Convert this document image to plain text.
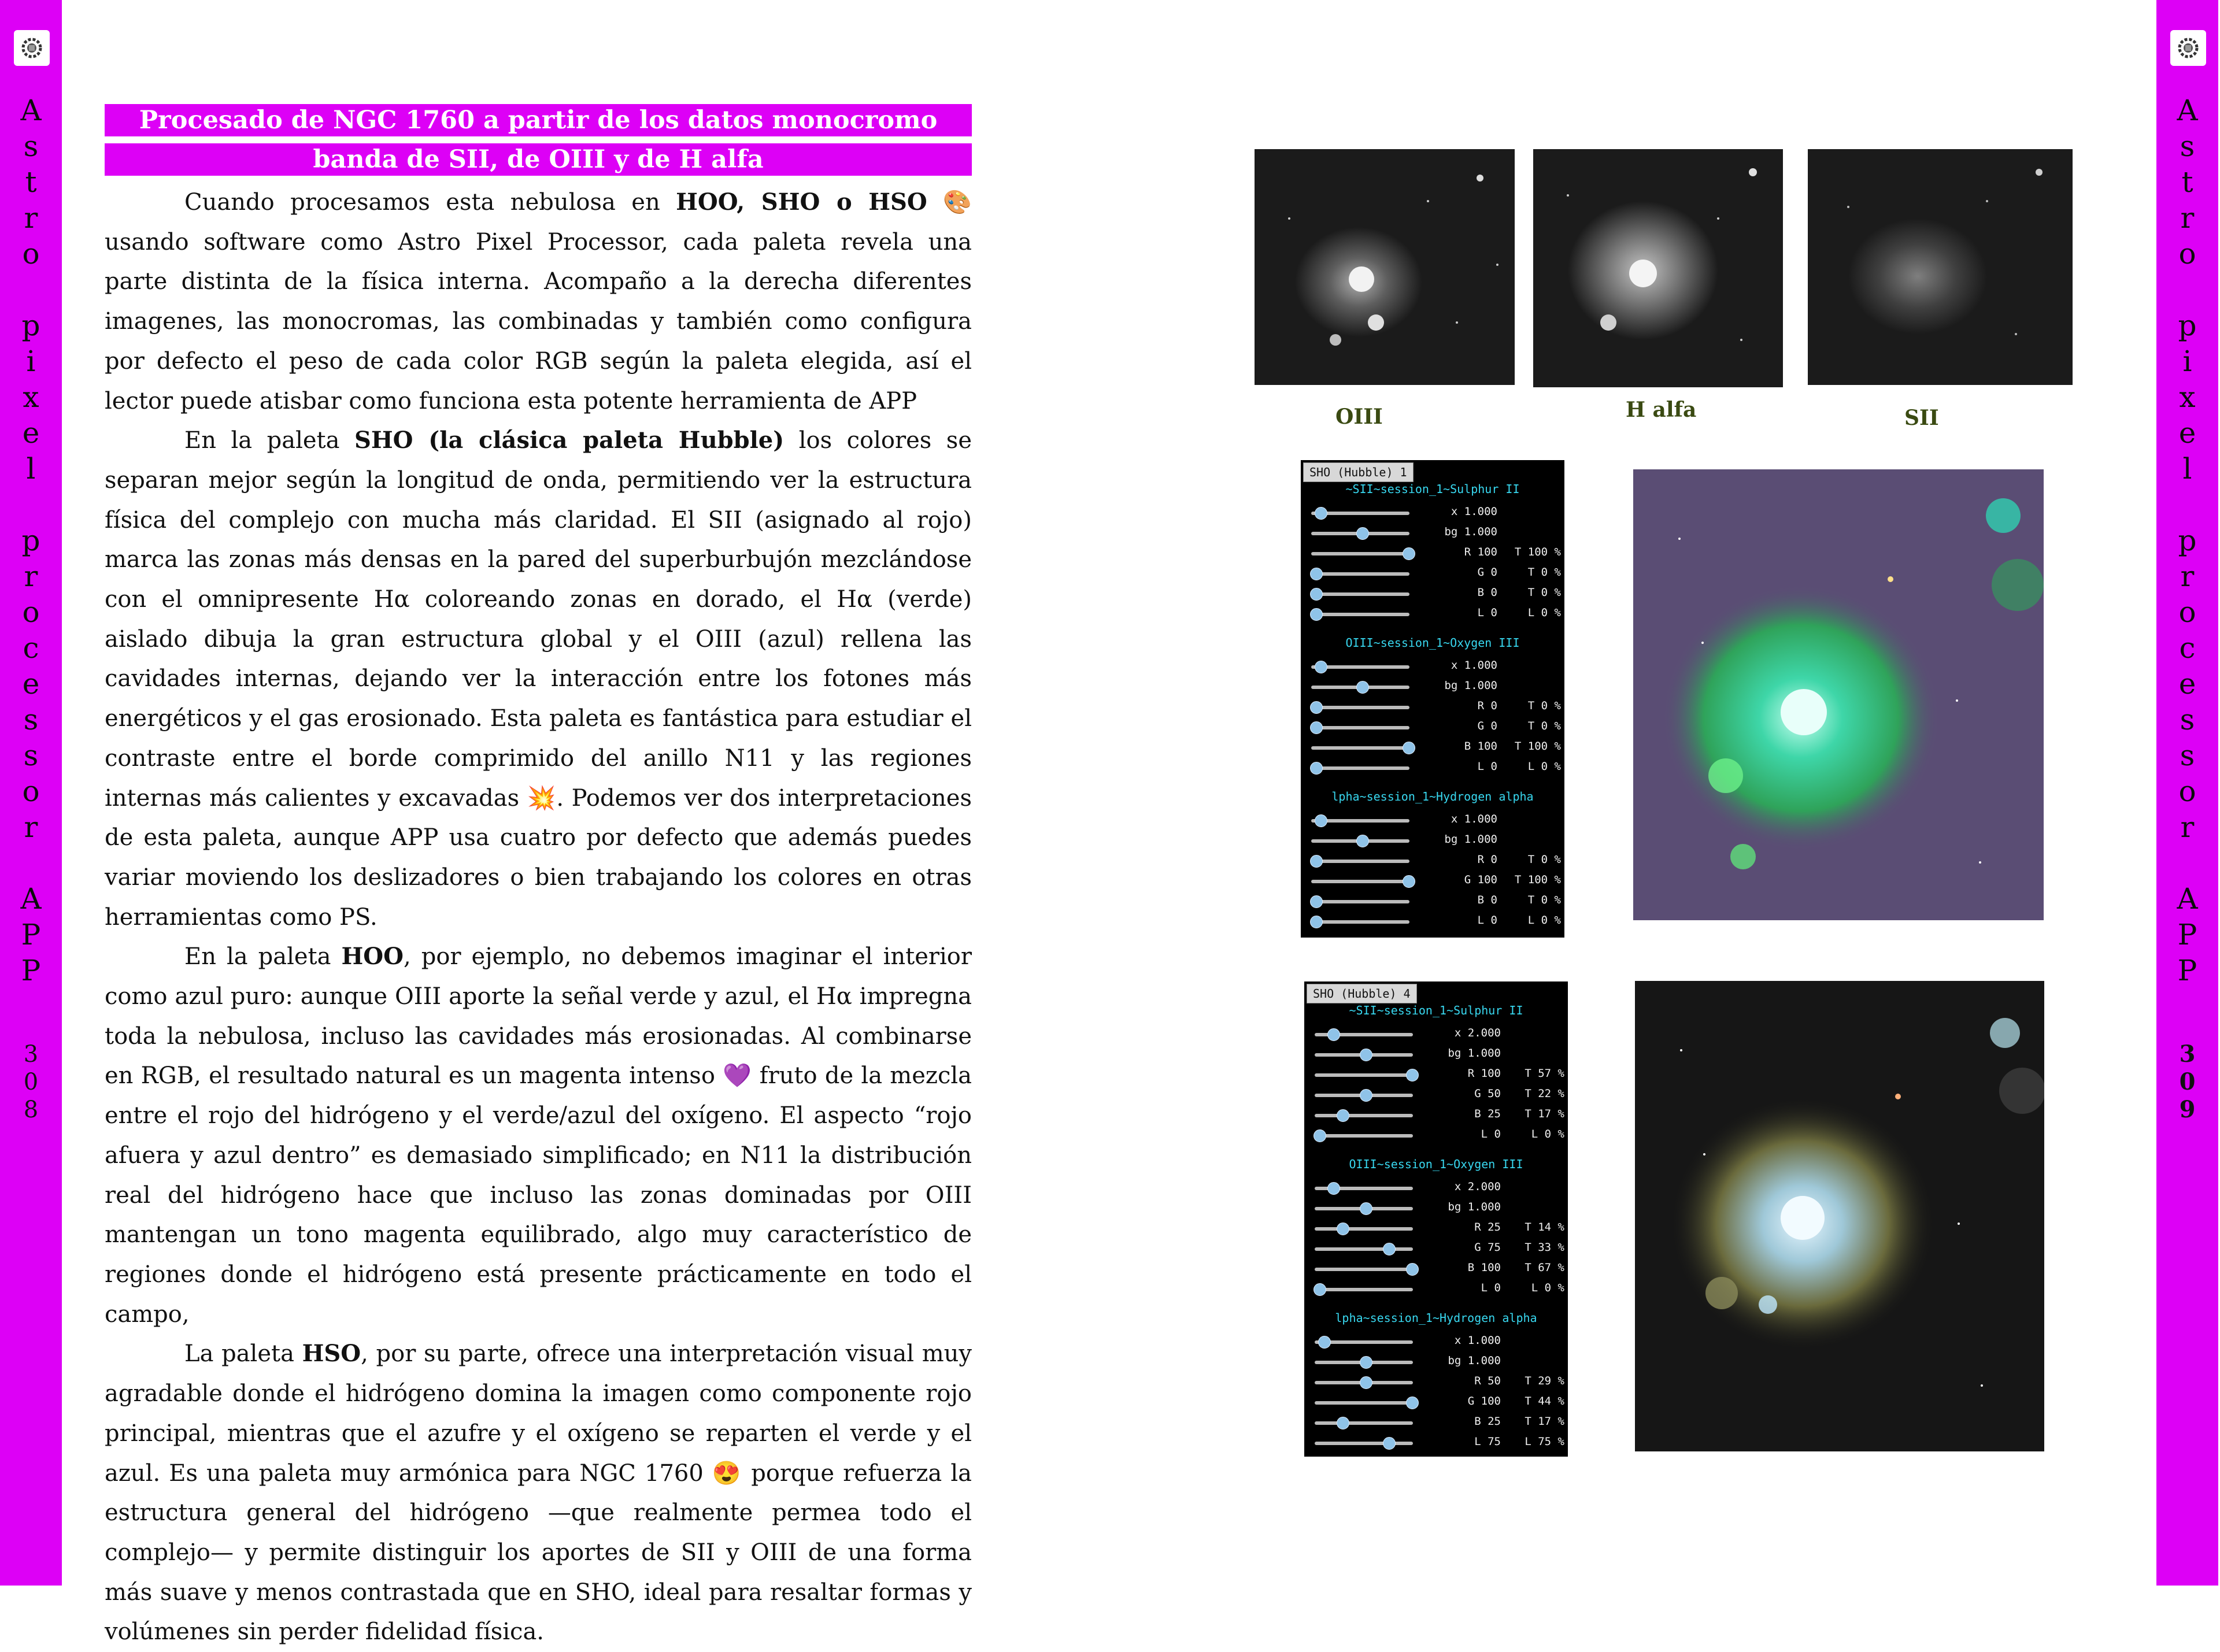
A
s
t
r
o
p
i
x
e
l
p
r
o
c
e
s
s
o
r
A
P
P
3
0
8
A
s
t
r
o
p
i
x
e
l
p
r
o
c
e
s
s
o
r
A
P
P
3
0
9
Procesado de NGC 1760 a partir de los datos monocromo
banda de SII, de OIII y de H alfa

Cuando procesamos esta nebulosa en HOO, SHO o HSO 🎨 usando software como Astro Pixel Processor, cada paleta revela una parte distinta de la física interna. Acompaño a la derecha diferentes imagenes, las monocromas, las combinadas y también como configura por defecto el peso de cada color RGB según la paleta elegida, así el lector puede atisbar como funciona esta potente herramienta de APP

En la paleta SHO (la clásica paleta Hubble) los colores se separan mejor según la longitud de onda, permitiendo ver la estructura física del complejo con mucha más claridad. El SII (asignado al rojo) marca las zonas más densas en la pared del superburbujón mezclándose con el omnipresente Hα coloreando zonas en dorado, el Hα (verde) aislado dibuja la gran estructura global y el OIII (azul) rellena las cavidades internas, dejando ver la interacción entre los fotones más energéticos y el gas erosionado. Esta paleta es fantástica para estudiar el contraste entre el borde comprimido del anillo N11 y las regiones internas más calientes y excavadas 💥. Podemos ver dos interpretaciones de esta paleta, aunque APP usa cuatro por defecto que además puedes variar moviendo los deslizadores o bien trabajando los colores en otras herramientas como PS.

En la paleta HOO, por ejemplo, no debemos imaginar el interior como azul puro: aunque OIII aporte la señal verde y azul, el Hα impregna toda la nebulosa, incluso las cavidades más erosionadas. Al combinarse en RGB, el resultado natural es un magenta intenso 💜 fruto de la mezcla entre el rojo del hidrógeno y el verde/azul del oxígeno. El aspecto “rojo afuera y azul dentro” es demasiado simplificado; en N11 la distribución real del hidrógeno hace que incluso las zonas dominadas por OIII mantengan un tono magenta equilibrado, algo muy característico de regiones donde el hidrógeno está presente prácticamente en todo el campo,

La paleta HSO, por su parte, ofrece una interpretación visual muy agradable donde el hidrógeno domina la imagen como componente rojo principal, mientras que el azufre y el oxígeno se reparten el verde y el azul. Es una paleta muy armónica para NGC 1760 😍 porque refuerza la estructura general del hidrógeno —que realmente permea todo el complejo— y permite distinguir los aportes de SII y OIII de una forma más suave y menos contrastada que en SHO, ideal para resaltar formas y volúmenes sin perder fidelidad física.

OIII	H alfa	SII
SHO (Hubble) 1
~SII~session_1~Sulphur II
x 1.000
bg 1.000
R 100	T 100 %
G 0	T 0 %
B 0	T 0 %
L 0	L 0 %
OIII~session_1~Oxygen III
x 1.000
bg 1.000
R 0	T 0 %
G 0	T 0 %
B 100	T 100 %
L 0	L 0 %
lpha~session_1~Hydrogen alpha
x 1.000
bg 1.000
R 0	T 0 %
G 100	T 100 %
B 0	T 0 %
L 0	L 0 %
SHO (Hubble) 4
~SII~session_1~Sulphur II
x 2.000
bg 1.000
R 100	T 57 %
G 50	T 22 %
B 25	T 17 %
L 0	L 0 %
OIII~session_1~Oxygen III
x 2.000
bg 1.000
R 25	T 14 %
G 75	T 33 %
B 100	T 67 %
L 0	L 0 %
lpha~session_1~Hydrogen alpha
x 1.000
bg 1.000
R 50	T 29 %
G 100	T 44 %
B 25	T 17 %
L 75	L 75 %
